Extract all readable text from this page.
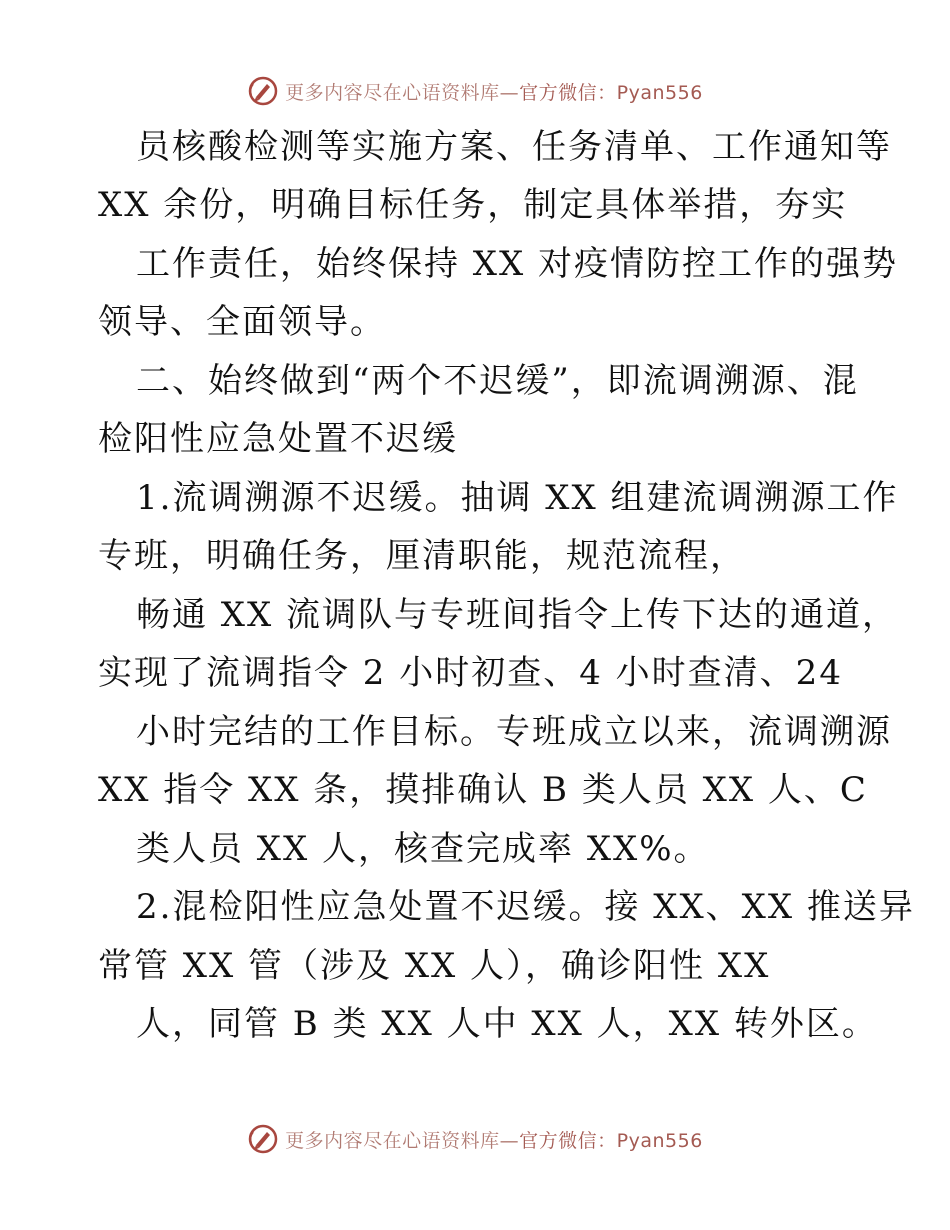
更多内容尽在心语资料库—官方微信：Pyan556
员核酸检测等实施方案、任务清单、工作通知等
XX 余份，明确目标任务，制定具体举措，夯实
工作责任，始终保持 XX 对疫情防控工作的强势
领导、全面领导。
二、始终做到“两个不迟缓”，即流调溯源、混
检阳性应急处置不迟缓
1.流调溯源不迟缓。抽调 XX 组建流调溯源工作
专班，明确任务，厘清职能，规范流程，
畅通 XX 流调队与专班间指令上传下达的通道，
实现了流调指令 2 小时初查、4 小时查清、24
小时完结的工作目标。专班成立以来，流调溯源
XX 指令 XX 条，摸排确认 B 类人员 XX 人、C
类人员 XX 人，核查完成率 XX%。
2.混检阳性应急处置不迟缓。接 XX、XX 推送异
常管 XX 管（涉及 XX 人），确诊阳性 XX
人，同管 B 类 XX 人中 XX 人，XX 转外区。
更多内容尽在心语资料库—官方微信：Pyan556
